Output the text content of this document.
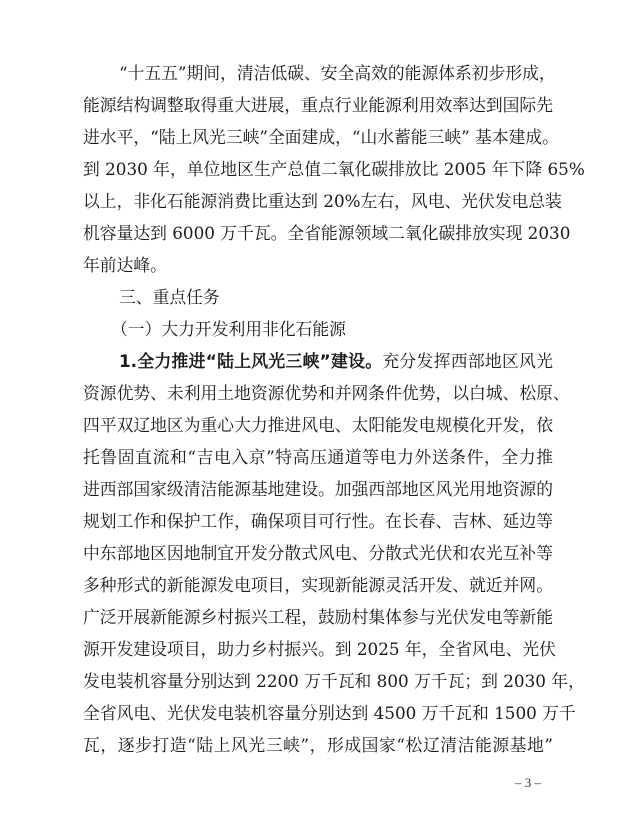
“十五五”期间，清洁低碳、安全高效的能源体系初步形成，
能源结构调整取得重大进展，重点行业能源利用效率达到国际先
进水平，“陆上风光三峡”全面建成，“山水蓄能三峡” 基本建成。
到 2030 年，单位地区生产总值二氧化碳排放比 2005 年下降 65%
以上，非化石能源消费比重达到 20%左右，风电、光伏发电总装
机容量达到 6000 万千瓦。全省能源领域二氧化碳排放实现 2030
年前达峰。
三、重点任务
（一）大力开发利用非化石能源
1.全力推进“陆上风光三峡”建设。充分发挥西部地区风光
资源优势、未利用土地资源优势和并网条件优势，以白城、松原、
四平双辽地区为重心大力推进风电、太阳能发电规模化开发，依
托鲁固直流和“吉电入京”特高压通道等电力外送条件，全力推
进西部国家级清洁能源基地建设。加强西部地区风光用地资源的
规划工作和保护工作，确保项目可行性。在长春、吉林、延边等
中东部地区因地制宜开发分散式风电、分散式光伏和农光互补等
多种形式的新能源发电项目，实现新能源灵活开发、就近并网。
广泛开展新能源乡村振兴工程，鼓励村集体参与光伏发电等新能
源开发建设项目，助力乡村振兴。到 2025 年，全省风电、光伏
发电装机容量分别达到 2200 万千瓦和 800 万千瓦；到 2030 年，
全省风电、光伏发电装机容量分别达到 4500 万千瓦和 1500 万千
瓦，逐步打造“陆上风光三峡”，形成国家“松辽清洁能源基地”
– 3 –
